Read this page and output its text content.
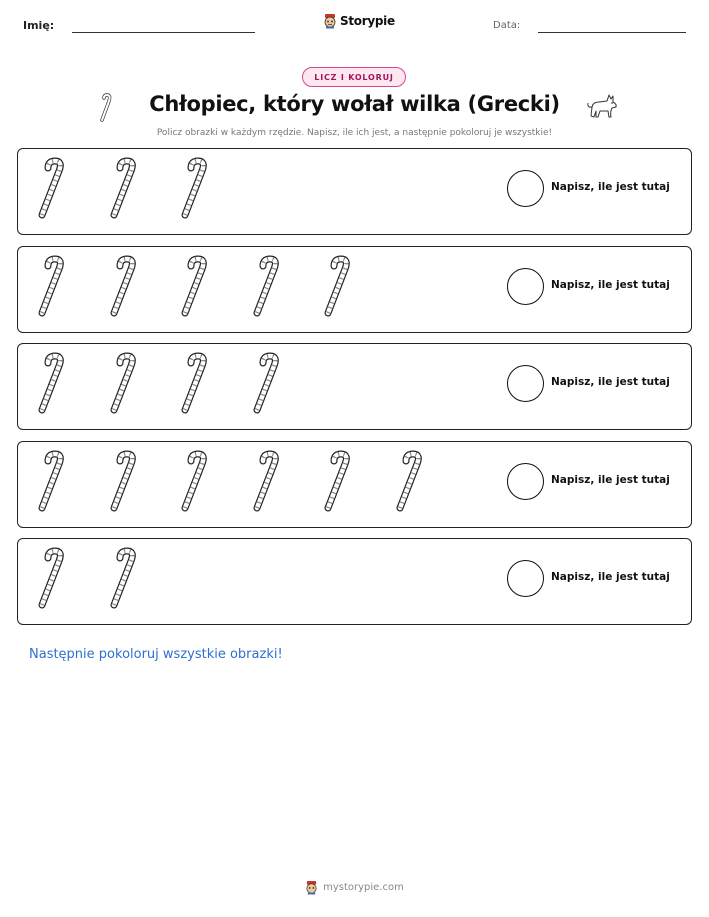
Imię:	Storypie	Data:
LICZ I KOLORUJ
Chłopiec, który wołał wilka (Grecki)
Policz obrazki w każdym rzędzie. Napisz, ile ich jest, a następnie pokoloruj je wszystkie!
Napisz, ile jest tutaj
Napisz, ile jest tutaj
Napisz, ile jest tutaj
Napisz, ile jest tutaj
Napisz, ile jest tutaj
Następnie pokoloruj wszystkie obrazki!
mystorypie.com
